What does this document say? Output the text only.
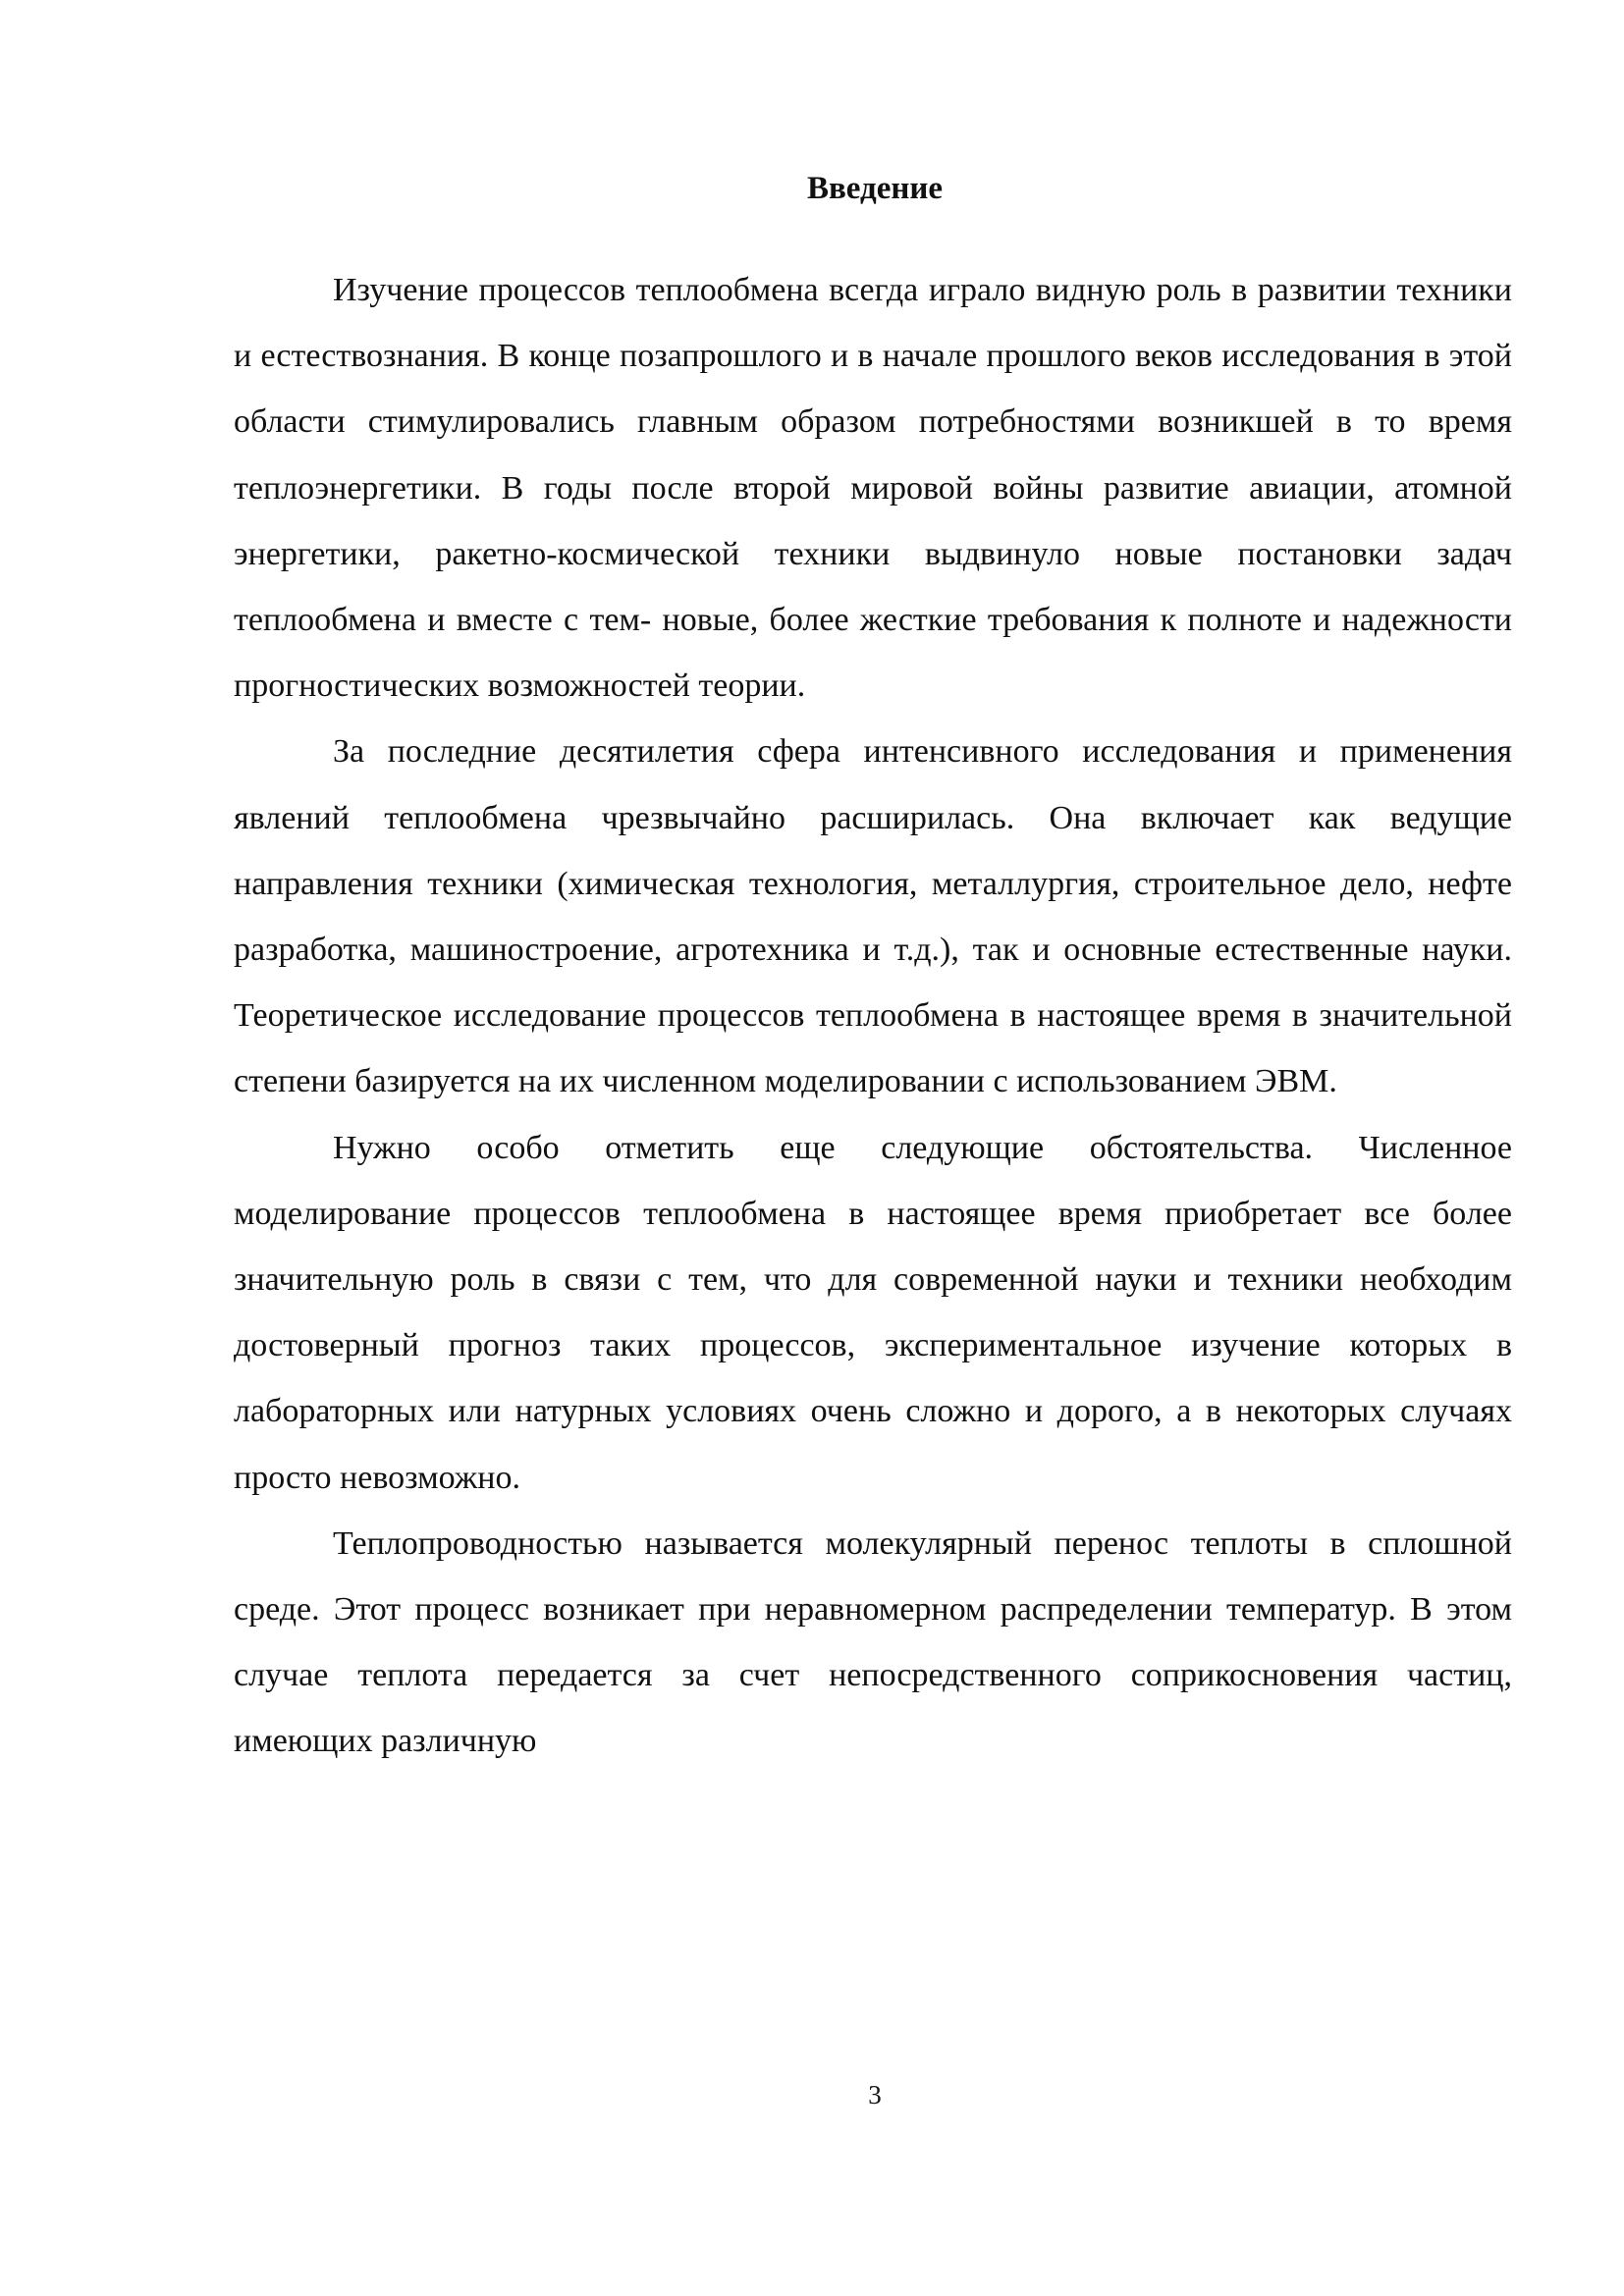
Введение

Изучение процессов теплообмена всегда играло видную роль в развитии техники и естествознания. В конце позапрошлого и в начале прошлого веков исследования в этой области стимулировались главным образом потребностями возникшей в то время теплоэнергетики. В годы после второй мировой войны развитие авиации, атомной энергетики, ракетно-космической техники выдвинуло новые постановки задач теплообмена и вместе с тем- новые, более жесткие требования к полноте и надежности прогностических возможностей теории.

За последние десятилетия сфера интенсивного исследования и применения явлений теплообмена чрезвычайно расширилась. Она включает как ведущие направления техники (химическая технология, металлургия, строительное дело, нефте разработка, машиностроение, агротехника и т.д.), так и основные естественные науки. Теоретическое исследование процессов теплообмена в настоящее время в значительной степени базируется на их численном моделировании с использованием ЭВМ.

Нужно особо отметить еще следующие обстоятельства. Численное моделирование процессов теплообмена в настоящее время приобретает все более значительную роль в связи с тем, что для современной науки и техники необходим достоверный прогноз таких процессов, экспериментальное изучение которых в лабораторных или натурных условиях очень сложно и дорого, а в некоторых случаях просто невозможно.

Теплопроводностью называется молекулярный перенос теплоты в сплошной среде. Этот процесс возникает при неравномерном распределении температур. В этом случае теплота передается за счет непосредственного соприкосновения частиц, имеющих различную

3
